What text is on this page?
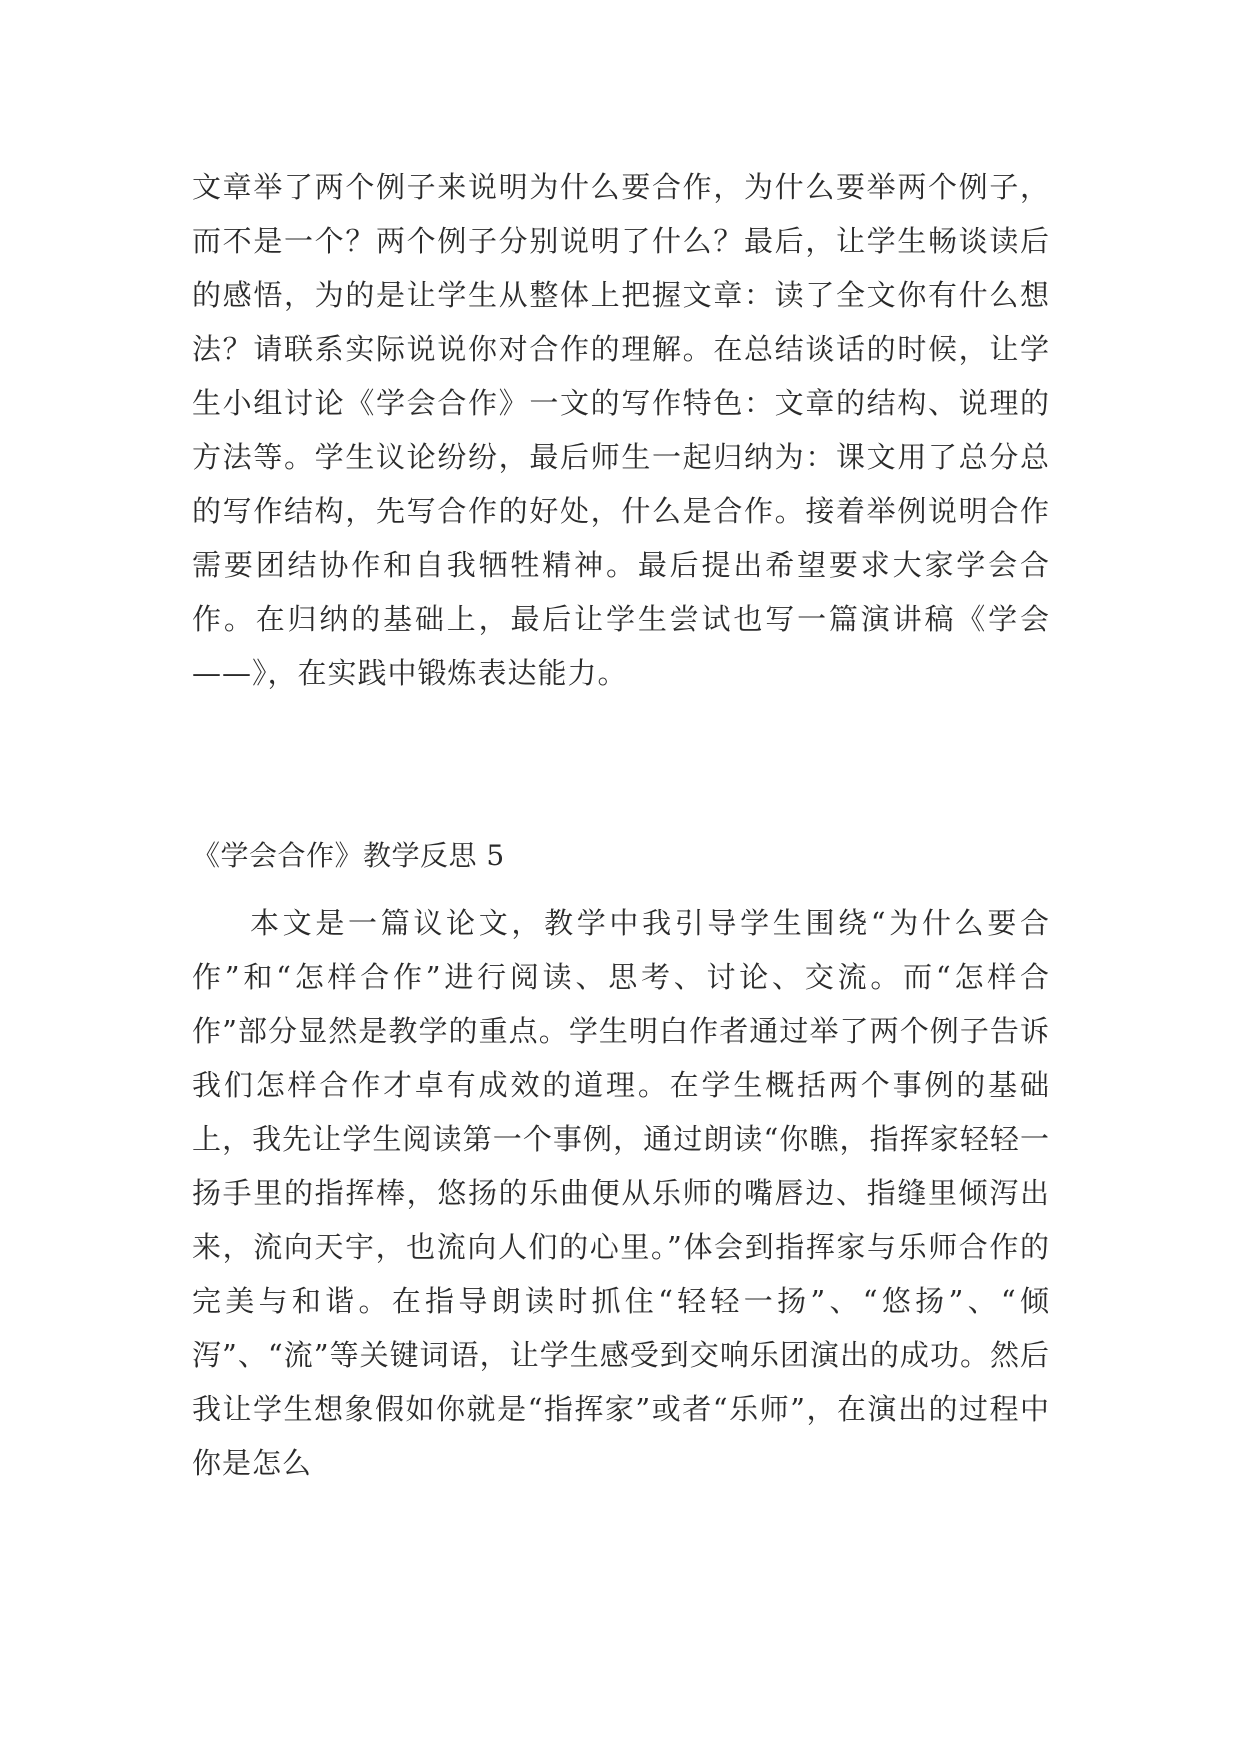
文章举了两个例子来说明为什么要合作，为什么要举两个例子，而不是一个？两个例子分别说明了什么？最后，让学生畅谈读后的感悟，为的是让学生从整体上把握文章：读了全文你有什么想法？请联系实际说说你对合作的理解。在总结谈话的时候，让学生小组讨论《学会合作》一文的写作特色：文章的结构、说理的方法等。学生议论纷纷，最后师生一起归纳为：课文用了总分总的写作结构，先写合作的好处，什么是合作。接着举例说明合作需要团结协作和自我牺牲精神。最后提出希望要求大家学会合作。在归纳的基础上，最后让学生尝试也写一篇演讲稿《学会——》，在实践中锻炼表达能力。

《学会合作》教学反思 5

本文是一篇议论文，教学中我引导学生围绕“为什么要合作”和“怎样合作”进行阅读、思考、讨论、交流。而“怎样合作”部分显然是教学的重点。学生明白作者通过举了两个例子告诉我们怎样合作才卓有成效的道理。在学生概括两个事例的基础上，我先让学生阅读第一个事例，通过朗读“你瞧，指挥家轻轻一扬手里的指挥棒，悠扬的乐曲便从乐师的嘴唇边、指缝里倾泻出来，流向天宇，也流向人们的心里。”体会到指挥家与乐师合作的完美与和谐。在指导朗读时抓住“轻轻一扬”、“悠扬”、“倾泻”、“流”等关键词语，让学生感受到交响乐团演出的成功。然后我让学生想象假如你就是“指挥家”或者“乐师”，在演出的过程中你是怎么
